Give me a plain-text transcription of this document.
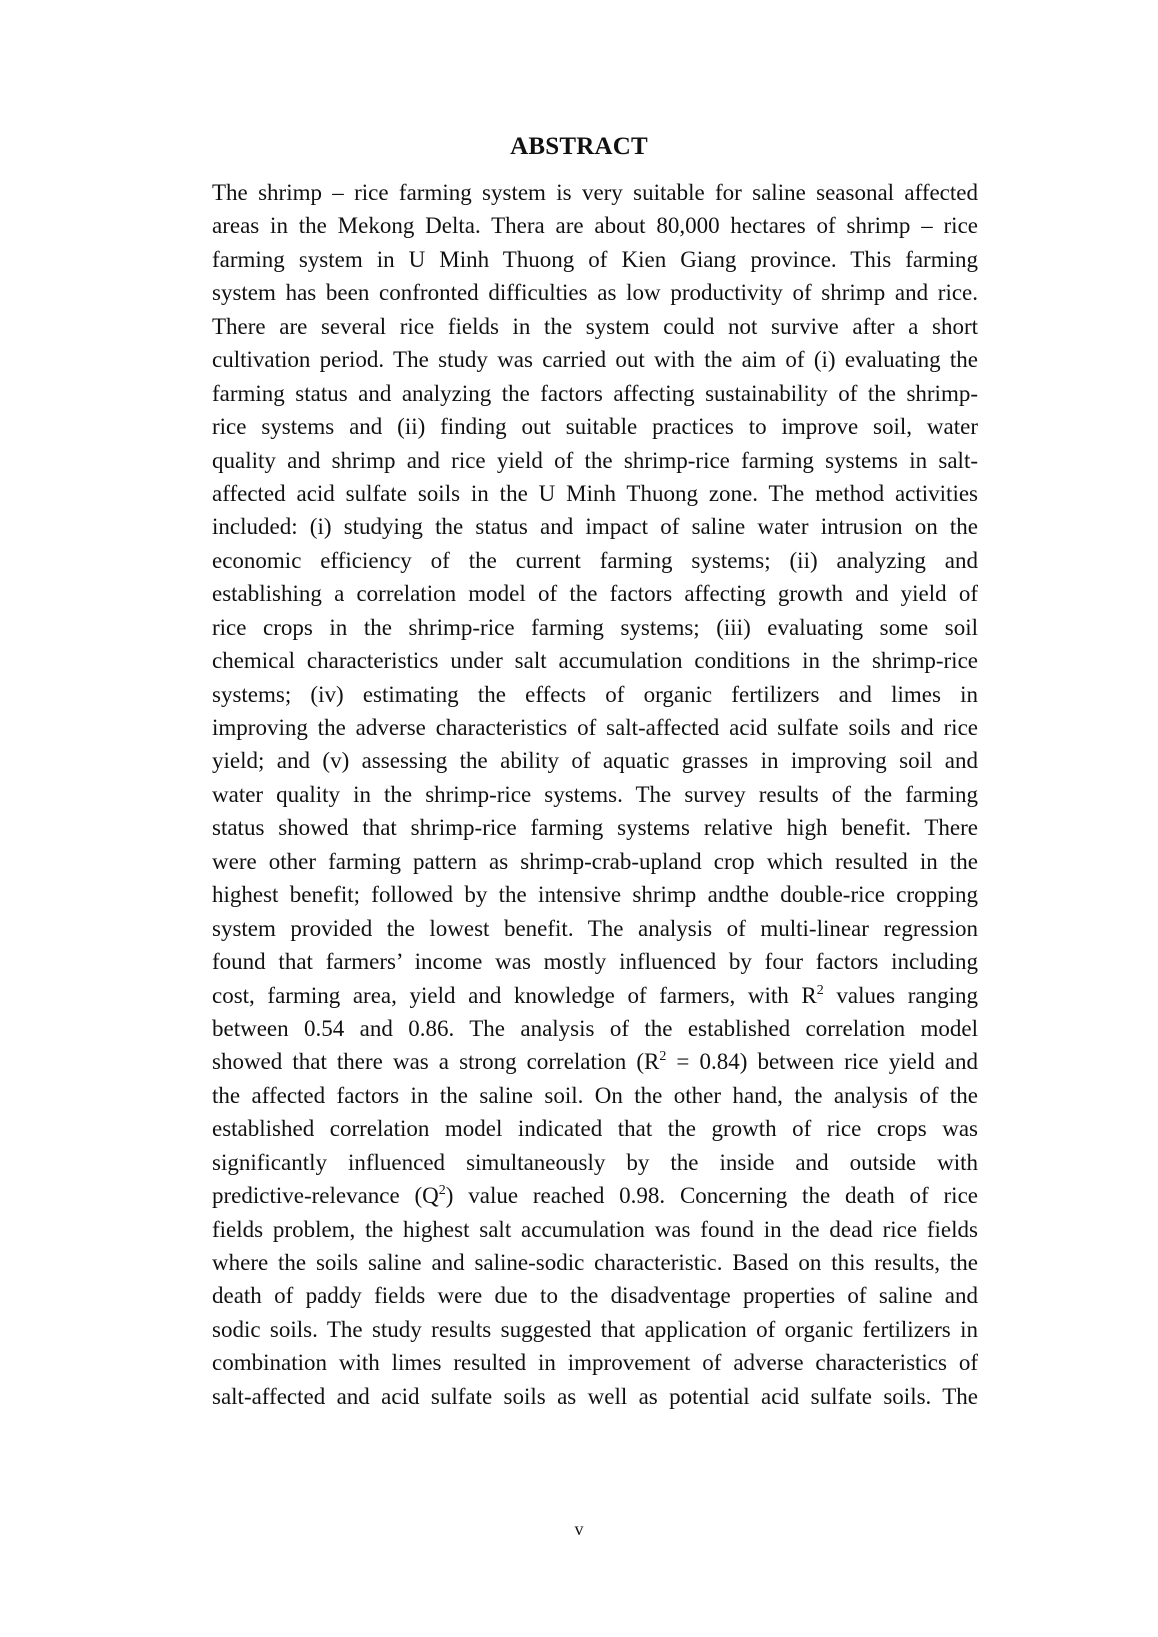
ABSTRACT
The shrimp – rice farming system is very suitable for saline seasonal affected
areas in the Mekong Delta. Thera are about 80,000 hectares of shrimp – rice
farming system in U Minh Thuong of Kien Giang province. This farming
system has been confronted difficulties as low productivity of shrimp and rice.
There are several rice fields in the system could not survive after a short
cultivation period. The study was carried out with the aim of (i) evaluating the
farming status and analyzing the factors affecting sustainability of the shrimp-
rice systems and (ii) finding out suitable practices to improve soil, water
quality and shrimp and rice yield of the shrimp-rice farming systems in salt-
affected acid sulfate soils in the U Minh Thuong zone. The method activities
included: (i) studying the status and impact of saline water intrusion on the
economic efficiency of the current farming systems; (ii) analyzing and
establishing a correlation model of the factors affecting growth and yield of
rice crops in the shrimp-rice farming systems; (iii) evaluating some soil
chemical characteristics under salt accumulation conditions in the shrimp-rice
systems; (iv) estimating the effects of organic fertilizers and limes in
improving the adverse characteristics of salt-affected acid sulfate soils and rice
yield; and (v) assessing the ability of aquatic grasses in improving soil and
water quality in the shrimp-rice systems. The survey results of the farming
status showed that shrimp-rice farming systems relative high benefit. There
were other farming pattern as shrimp-crab-upland crop which resulted in the
highest benefit; followed by the intensive shrimp andthe double-rice cropping
system provided the lowest benefit. The analysis of multi-linear regression
found that farmers’ income was mostly influenced by four factors including
cost, farming area, yield and knowledge of farmers, with $R^2$ values ranging
between 0.54 and 0.86. The analysis of the established correlation model
showed that there was a strong correlation $(R^2 = 0.84)$ between rice yield and
the affected factors in the saline soil. On the other hand, the analysis of the
established correlation model indicated that the growth of rice crops was
significantly influenced simultaneously by the inside and outside with
predictive-relevance $(Q^2)$ value reached 0.98. Concerning the death of rice
fields problem, the highest salt accumulation was found in the dead rice fields
where the soils saline and saline-sodic characteristic. Based on this results, the
death of paddy fields were due to the disadventage properties of saline and
sodic soils. The study results suggested that application of organic fertilizers in
combination with limes resulted in improvement of adverse characteristics of
salt-affected and acid sulfate soils as well as potential acid sulfate soils. The
v
